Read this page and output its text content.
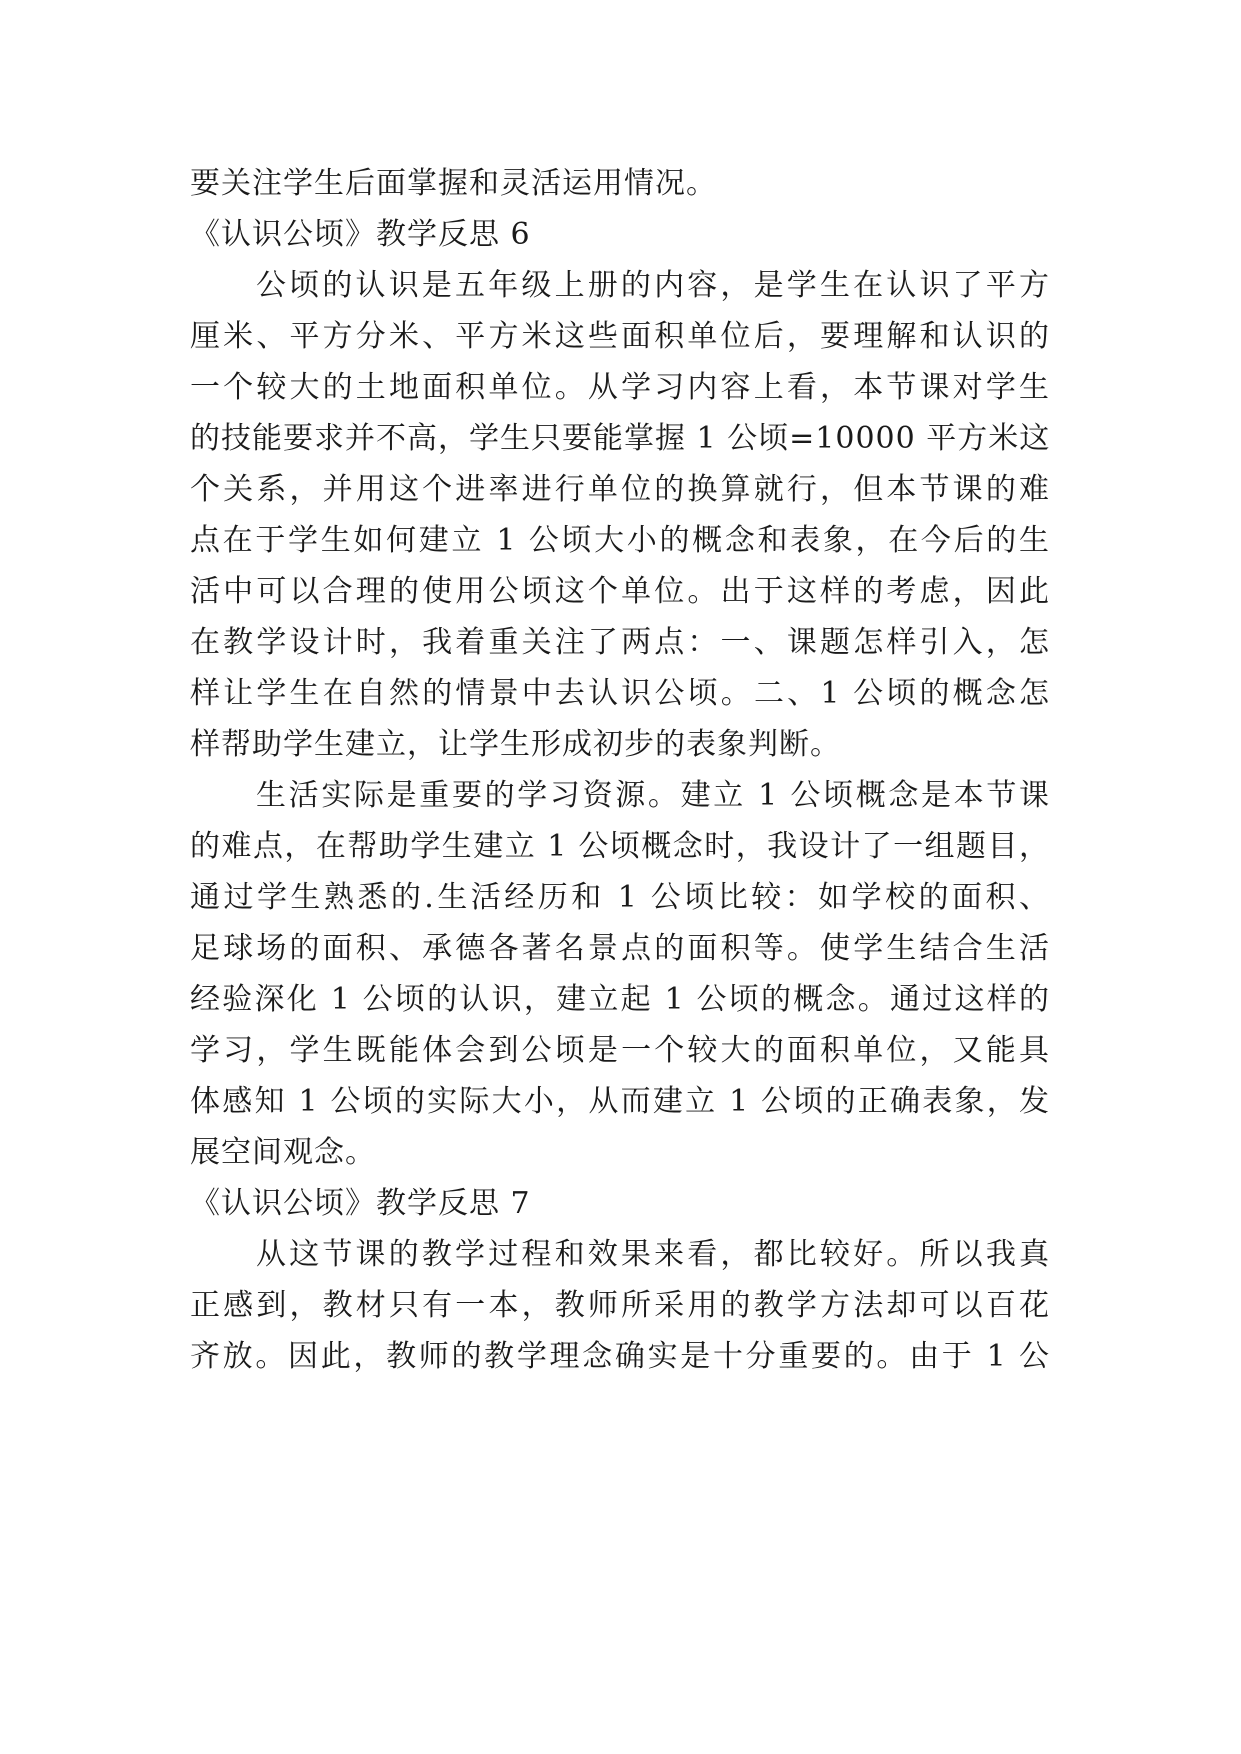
要关注学生后面掌握和灵活运用情况。
《认识公顷》教学反思 6
公顷的认识是五年级上册的内容，是学生在认识了平方
厘米、平方分米、平方米这些面积单位后，要理解和认识的
一个较大的土地面积单位。从学习内容上看，本节课对学生
的技能要求并不高，学生只要能掌握 1 公顷=10000 平方米这
个关系，并用这个进率进行单位的换算就行，但本节课的难
点在于学生如何建立 1 公顷大小的概念和表象，在今后的生
活中可以合理的使用公顷这个单位。出于这样的考虑，因此
在教学设计时，我着重关注了两点：一、课题怎样引入，怎
样让学生在自然的情景中去认识公顷。二、1 公顷的概念怎
样帮助学生建立，让学生形成初步的表象判断。
生活实际是重要的学习资源。建立 1 公顷概念是本节课
的难点，在帮助学生建立 1 公顷概念时，我设计了一组题目，
通过学生熟悉的.生活经历和 1 公顷比较：如学校的面积、
足球场的面积、承德各著名景点的面积等。使学生结合生活
经验深化 1 公顷的认识，建立起 1 公顷的概念。通过这样的
学习，学生既能体会到公顷是一个较大的面积单位，又能具
体感知 1 公顷的实际大小，从而建立 1 公顷的正确表象，发
展空间观念。
《认识公顷》教学反思 7
从这节课的教学过程和效果来看，都比较好。所以我真
正感到，教材只有一本，教师所采用的教学方法却可以百花
齐放。因此，教师的教学理念确实是十分重要的。由于 1 公
